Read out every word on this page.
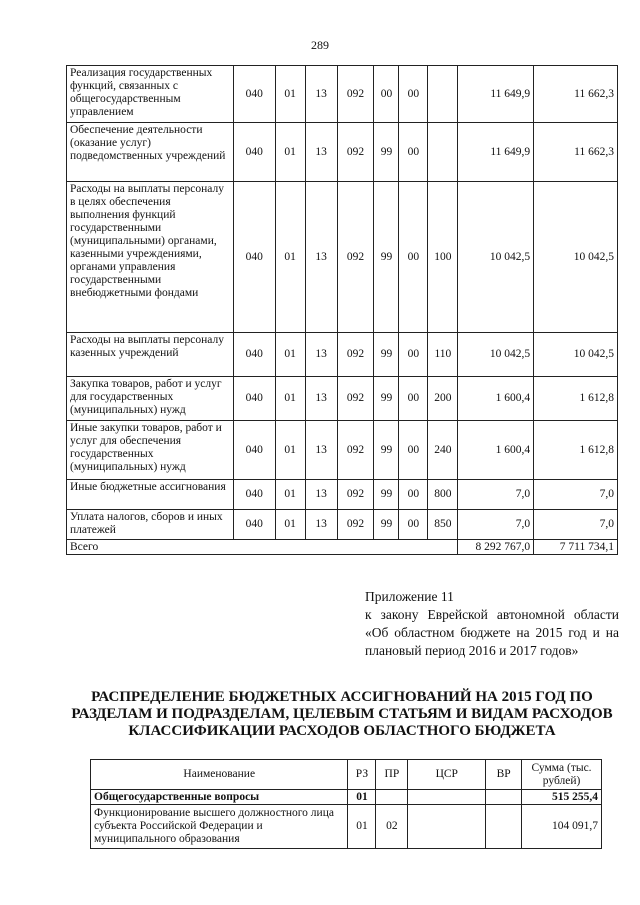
289
Реализация государственных функций, связанных с общегосударственным управлением	040	01	13	092	00	00		11 649,9	11 662,3
Обеспечение деятельности (оказание услуг) подведомственных учреждений	040	01	13	092	99	00		11 649,9	11 662,3
Расходы на выплаты персоналу в целях обеспечения выполнения функций государственными (муниципальными) органами, казенными учреждениями, органами управления государственными внебюджетными фондами	040	01	13	092	99	00	100	10 042,5	10 042,5
Расходы на выплаты персоналу казенных учреждений	040	01	13	092	99	00	110	10 042,5	10 042,5
Закупка товаров, работ и услуг для государственных (муниципальных) нужд	040	01	13	092	99	00	200	1 600,4	1 612,8
Иные закупки товаров, работ и услуг для обеспечения государственных (муниципальных) нужд	040	01	13	092	99	00	240	1 600,4	1 612,8
Иные бюджетные ассигнования	040	01	13	092	99	00	800	7,0	7,0
Уплата налогов, сборов и иных платежей	040	01	13	092	99	00	850	7,0	7,0
Всего								8 292 767,0	7 711 734,1
Приложение 11
к закону Еврейской автономной области «Об областном бюджете на 2015 год и на плановый период 2016 и 2017 годов»
РАСПРЕДЕЛЕНИЕ БЮДЖЕТНЫХ АССИГНОВАНИЙ НА 2015 ГОД ПО РАЗДЕЛАМ И ПОДРАЗДЕЛАМ, ЦЕЛЕВЫМ СТАТЬЯМ И ВИДАМ РАСХОДОВ КЛАССИФИКАЦИИ РАСХОДОВ ОБЛАСТНОГО БЮДЖЕТА
Наименование	РЗ	ПР	ЦСР	ВР	Сумма (тыс. рублей)
Общегосударственные вопросы	01				515 255,4
Функционирование высшего должностного лица субъекта Российской Федерации и муниципального образования	01	02			104 091,7
